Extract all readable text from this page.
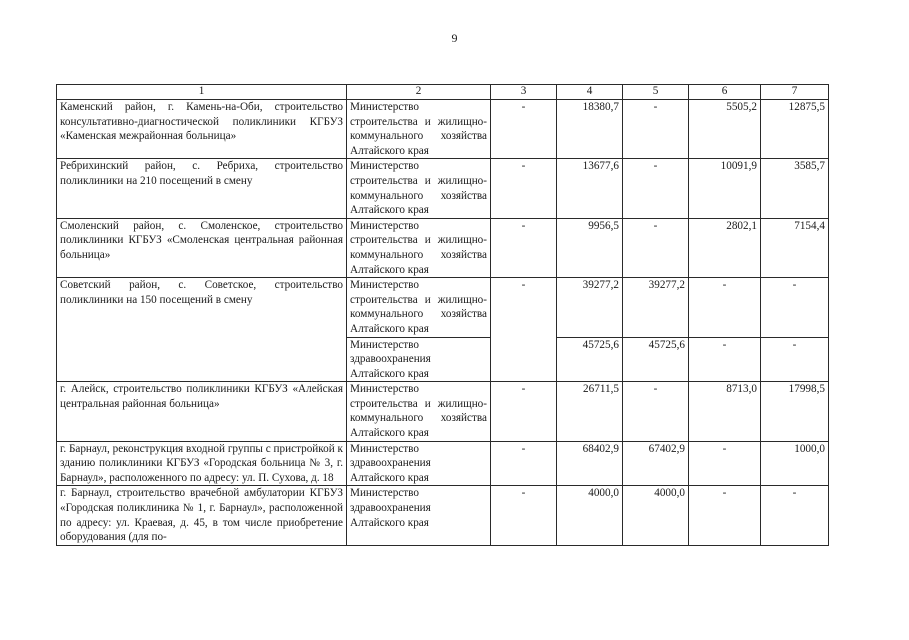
9
1	2	3	4	5	6	7
Каменский район, г. Камень-на-Оби, строительство консультативно-диагностической поликлиники КГБУЗ «Каменская межрайонная больница»	Министерство строительства и жилищно-коммунального хозяйства Алтайского края	-	18380,7	-	5505,2	12875,5
Ребрихинский район, с. Ребриха, строительство поликлиники на 210 посещений в смену	Министерство строительства и жилищно-коммунального хозяйства Алтайского края	-	13677,6	-	10091,9	3585,7
Смоленский район, с. Смоленское, строительство поликлиники КГБУЗ «Смоленская центральная районная больница»	Министерство строительства и жилищно-коммунального хозяйства Алтайского края	-	9956,5	-	2802,1	7154,4
Советский район, с. Советское, строительство поликлиники на 150 посещений в смену	Министерство строительства и жилищно-коммунального хозяйства Алтайского края	-	39277,2	39277,2	-	-
	Министерство здравоохранения Алтайского края		45725,6	45725,6	-	-
г. Алейск, строительство поликлиники КГБУЗ «Алейская центральная районная больница»	Министерство строительства и жилищно-коммунального хозяйства Алтайского края	-	26711,5	-	8713,0	17998,5
г. Барнаул, реконструкция входной группы с пристройкой к зданию поликлиники КГБУЗ «Городская больница № 3, г. Барнаул», расположенного по адресу: ул. П. Сухова, д. 18	Министерство здравоохранения Алтайского края	-	68402,9	67402,9	-	1000,0
г. Барнаул, строительство врачебной амбулатории КГБУЗ «Городская поликлиника № 1, г. Барнаул», расположенной по адресу: ул. Краевая, д. 45, в том числе приобретение оборудования (для по-	Министерство здравоохранения Алтайского края	-	4000,0	4000,0	-	-
